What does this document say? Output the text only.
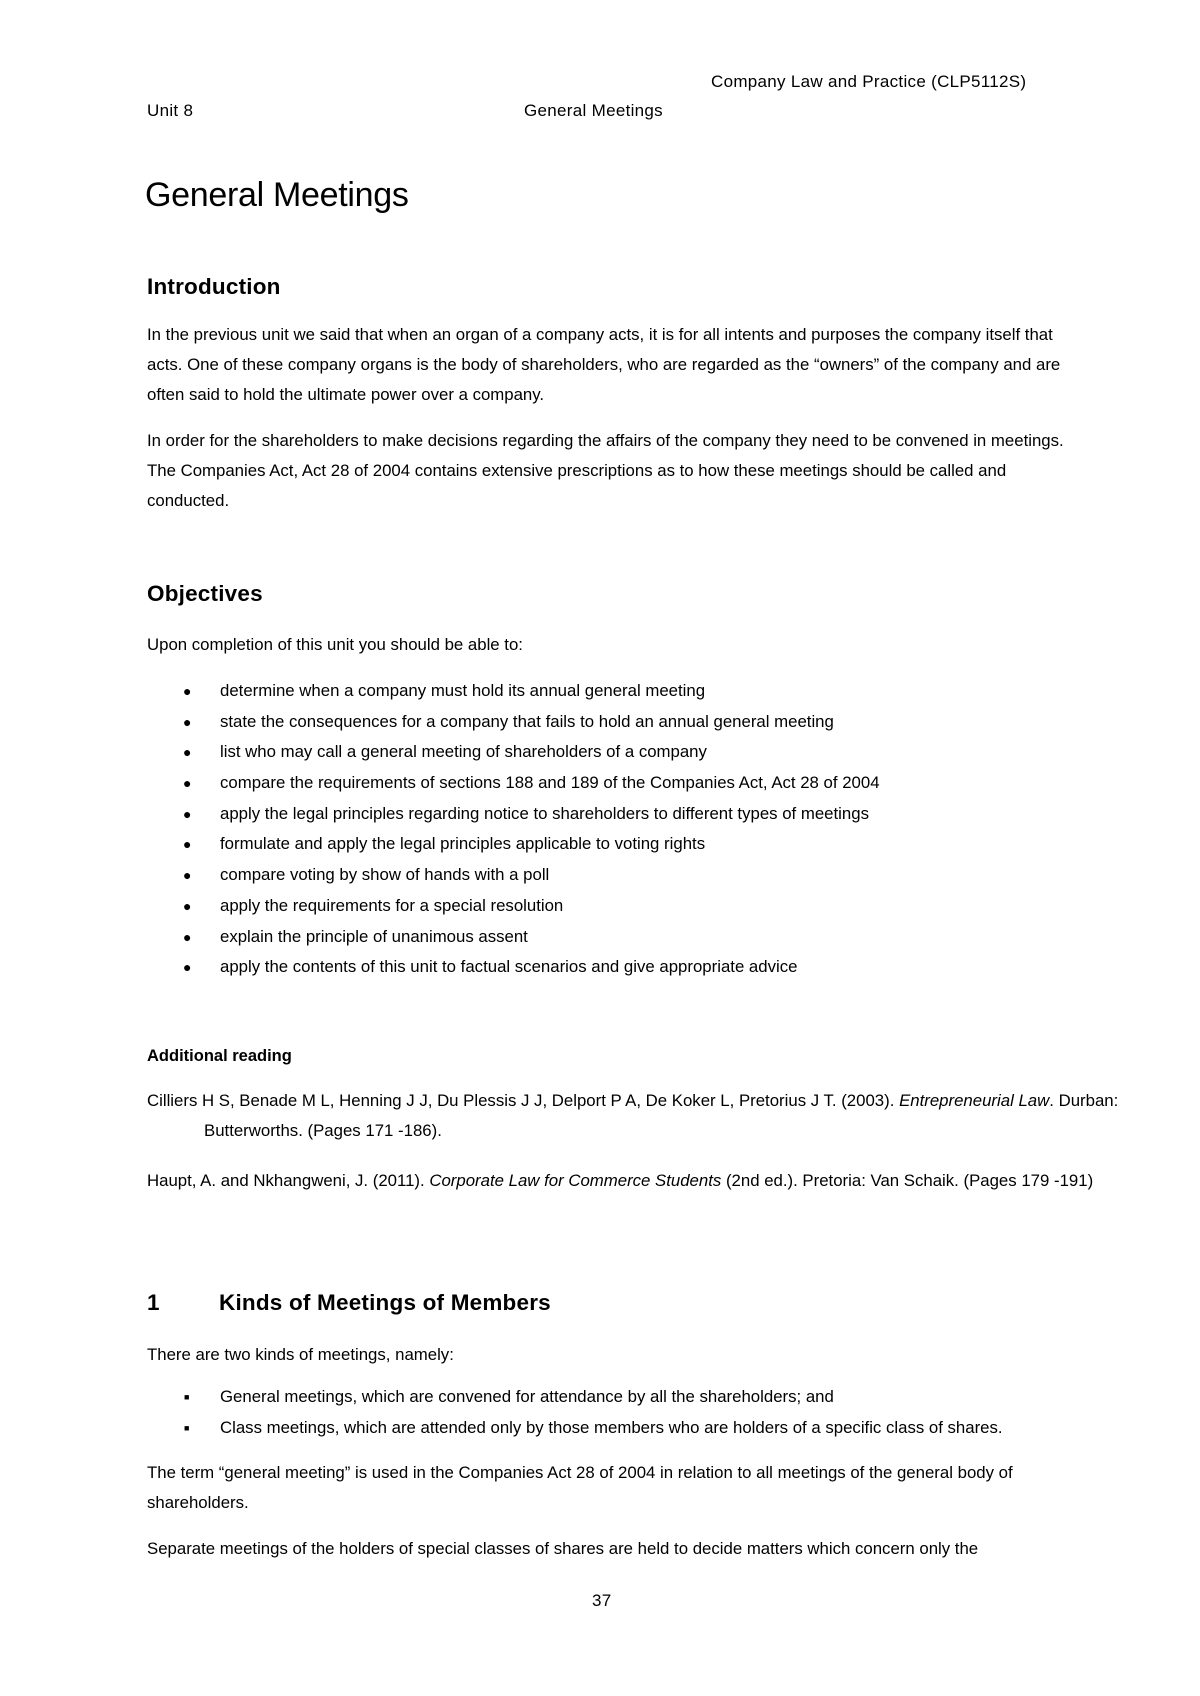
Company Law and Practice (CLP5112S)
Unit 8	General Meetings
General Meetings
Introduction

In the previous unit we said that when an organ of a company acts, it is for all intents and purposes the company itself that acts. One of these company organs is the body of shareholders, who are regarded as the “owners” of the company and are often said to hold the ultimate power over a company.

In order for the shareholders to make decisions regarding the affairs of the company they need to be convened in meetings. The Companies Act, Act 28 of 2004 contains extensive prescriptions as to how these meetings should be called and conducted.

Objectives
Upon completion of this unit you should be able to:
● determine when a company must hold its annual general meeting
● state the consequences for a company that fails to hold an annual general meeting
● list who may call a general meeting of shareholders of a company
● compare the requirements of sections 188 and 189 of the Companies Act, Act 28 of 2004
● apply the legal principles regarding notice to shareholders to different types of meetings
● formulate and apply the legal principles applicable to voting rights
● compare voting by show of hands with a poll
● apply the requirements for a special resolution
● explain the principle of unanimous assent
● apply the contents of this unit to factual scenarios and give appropriate advice
Additional reading

Cilliers H S, Benade M L, Henning J J, Du Plessis J J, Delport P A, De Koker L, Pretorius J T. (2003). Entrepreneurial Law. Durban: Butterworths. (Pages 171 -186).

Haupt, A. and Nkhangweni, J. (2011). Corporate Law for Commerce Students (2nd ed.). Pretoria: Van Schaik. (Pages 179 -191)

1	Kinds of Meetings of Members
There are two kinds of meetings, namely:
■ General meetings, which are convened for attendance by all the shareholders; and
■ Class meetings, which are attended only by those members who are holders of a specific class of shares.

The term “general meeting” is used in the Companies Act 28 of 2004 in relation to all meetings of the general body of shareholders.

Separate meetings of the holders of special classes of shares are held to decide matters which concern only the

37
